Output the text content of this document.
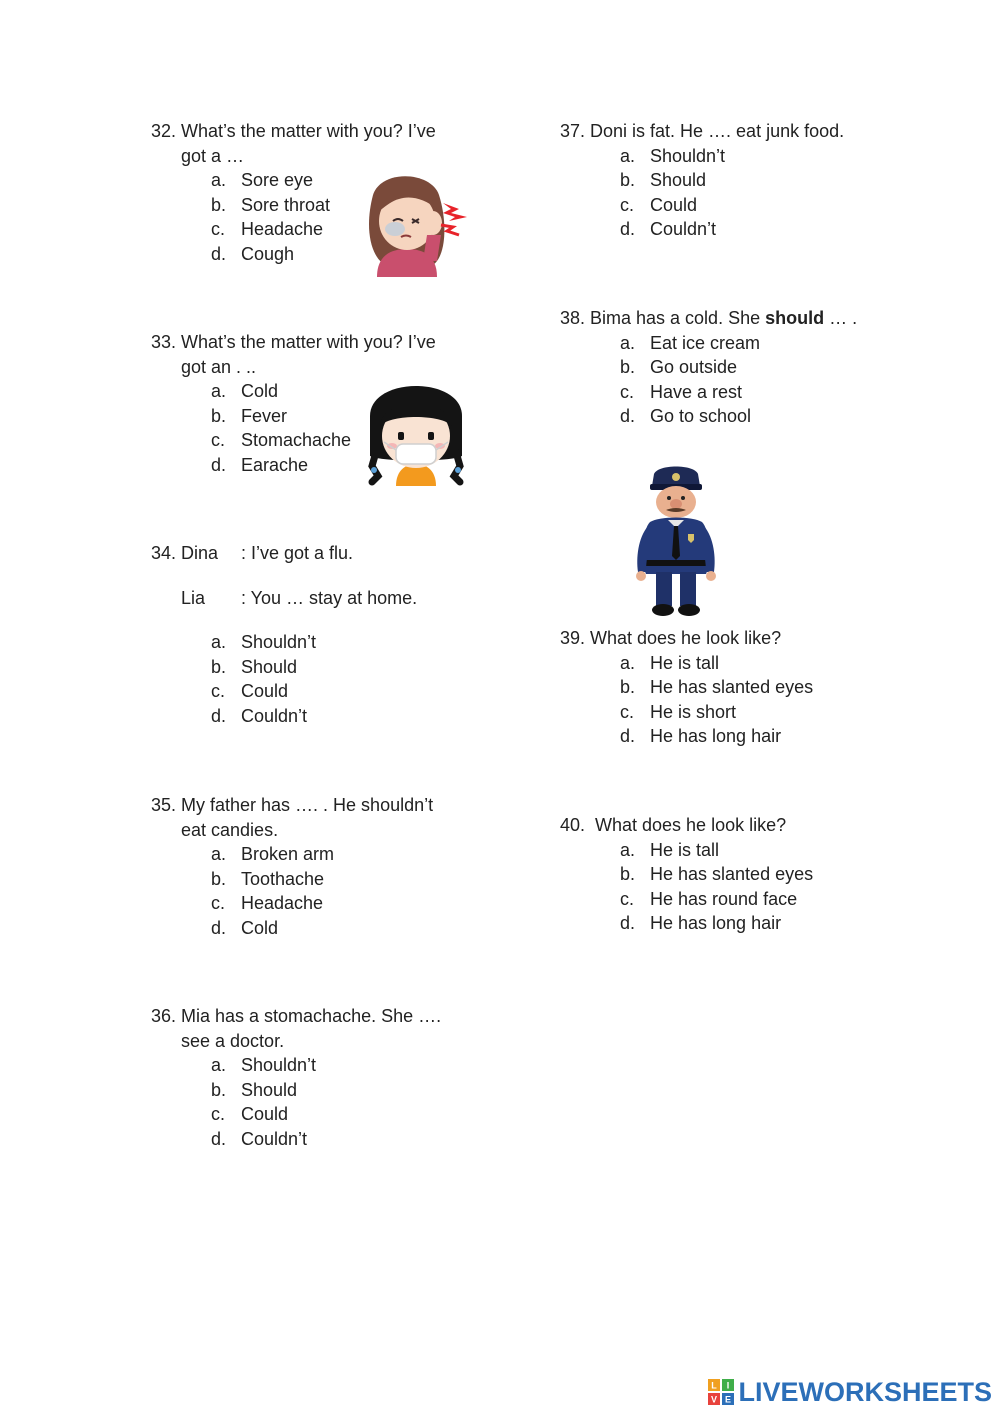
32. What’s the matter with you? I’ve
got a …
a. Sore eye
b. Sore throat
c. Headache
d. Cough
33. What’s the matter with you? I’ve
got an . ..
a. Cold
b. Fever
c. Stomachache
d. Earache
34. Dina : I’ve got a flu.
Lia : You … stay at home.
a. Shouldn’t
b. Should
c. Could
d. Couldn’t
35. My father has …. . He shouldn’t
eat candies.
a. Broken arm
b. Toothache
c. Headache
d. Cold
36. Mia has a stomachache. She ….
see a doctor.
a. Shouldn’t
b. Should
c. Could
d. Couldn’t
37. Doni is fat. He …. eat junk food.
a. Shouldn’t
b. Should
c. Could
d. Couldn’t
38. Bima has a cold. She should … .
a. Eat ice cream
b. Go outside
c. Have a rest
d. Go to school
39. What does he look like?
a. He is tall
b. He has slanted eyes
c. He is short
d. He has long hair
40. What does he look like?
a. He is tall
b. He has slanted eyes
c. He has round face
d. He has long hair
L I
V E LIVEWORKSHEETS
